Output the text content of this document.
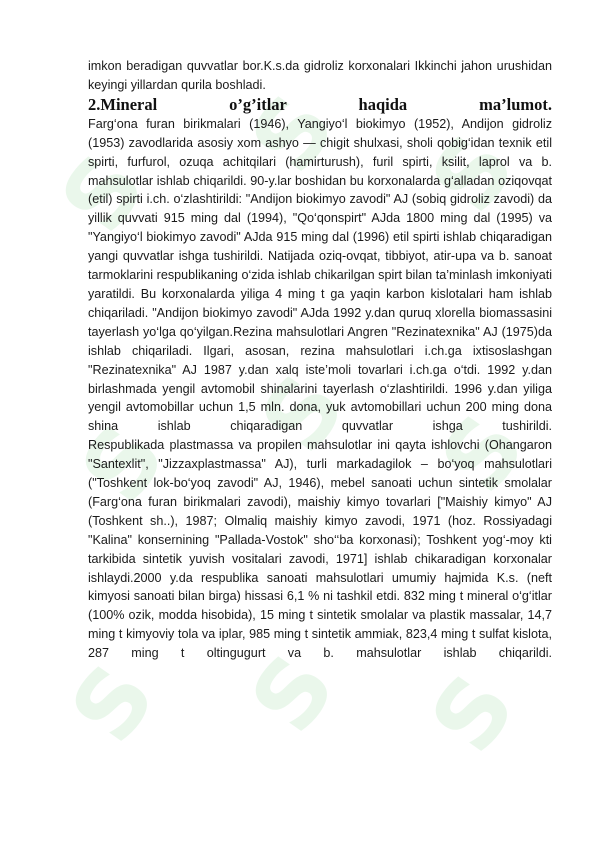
S
S S
S S S
S S S

imkon beradigan quvvatlar bor.K.s.da gidroliz korxonalari Ikkinchi jahon urushidan keyingi yillardan qurila boshladi.

2.Mineral o’g’itlar haqida ma’lumot.

Farg‘ona furan birikmalari (1946), Yangiyo‘l biokimyo (1952), Andijon gidroliz (1953) zavodlarida asosiy xom ashyo — chigit shulxasi, sholi qobig‘idan texnik etil spirti, furfurol, ozuqa achitqilari (hamirturush), furil spirti, ksilit, laprol va b. mahsulotlar ishlab chiqarildi. 90-y.lar boshidan bu korxonalarda g‘alladan oziqovqat (etil) spirti i.ch. o‘zlashtirildi: "Andijon biokimyo zavodi" AJ (sobiq gidroliz zavodi) da yillik quvvati 915 ming dal (1994), "Qo‘qonspirt" AJda 1800 ming dal (1995) va "Yangiyo‘l biokimyo zavodi" AJda 915 ming dal (1996) etil spirti ishlab chiqaradigan yangi quvvatlar ishga tushirildi. Natijada oziq-ovqat, tibbiyot, atir-upa va b. sanoat tarmoklarini respublikaning o‘zida ishlab chikarilgan spirt bilan ta’minlash imkoniyati yaratildi. Bu korxonalarda yiliga 4 ming t ga yaqin karbon kislotalari ham ishlab chiqariladi. "Andijon biokimyo zavodi" AJda 1992 y.dan quruq xlorella biomassasini tayerlash yo‘lga qo‘yilgan.Rezina mahsulotlari Angren "Rezinatexnika" AJ (1975)da ishlab chiqariladi. Ilgari, asosan, rezina mahsulotlari i.ch.ga ixtisoslashgan "Rezinatexnika" AJ 1987 y.dan xalq iste’moli tovarlari i.ch.ga o‘tdi. 1992 y.dan birlashmada yengil avtomobil shinalarini tayerlash o‘zlashtirildi. 1996 y.dan yiliga yengil avtomobillar uchun 1,5 mln. dona, yuk avtomobillari uchun 200 ming dona shina ishlab chiqaradigan quvvatlar ishga tushirildi.

Respublikada plastmassa va propilen mahsulotlar ini qayta ishlovchi (Ohangaron "Santexlit", "Jizzaxplastmassa" AJ), turli markadagilok – bo‘yoq mahsulotlari ("Toshkent lok-bo‘yoq zavodi" AJ, 1946), mebel sanoati uchun sintetik smolalar (Farg‘ona furan birikmalari zavodi), maishiy kimyo tovarlari ["Maishiy kimyo" AJ (Toshkent sh..), 1987; Olmaliq maishiy kimyo zavodi, 1971 (hoz. Rossiyadagi "Kalina" konsernining "Pallada-Vostok" sho‘‘ba korxonasi); Toshkent yog‘-moy kti tarkibida sintetik yuvish vositalari zavodi, 1971] ishlab chikaradigan korxonalar ishlaydi.2000 y.da respublika sanoati mahsulotlari umumiy hajmida K.s. (neft kimyosi sanoati bilan birga) hissasi 6,1 % ni tashkil etdi. 832 ming t mineral o‘g‘itlar (100% ozik, modda hisobida), 15 ming t sintetik smolalar va plastik massalar, 14,7 ming t kimyoviy tola va iplar, 985 ming t sintetik ammiak, 823,4 ming t sulfat kislota, 287 ming t oltingugurt va b. mahsulotlar ishlab chiqarildi.
